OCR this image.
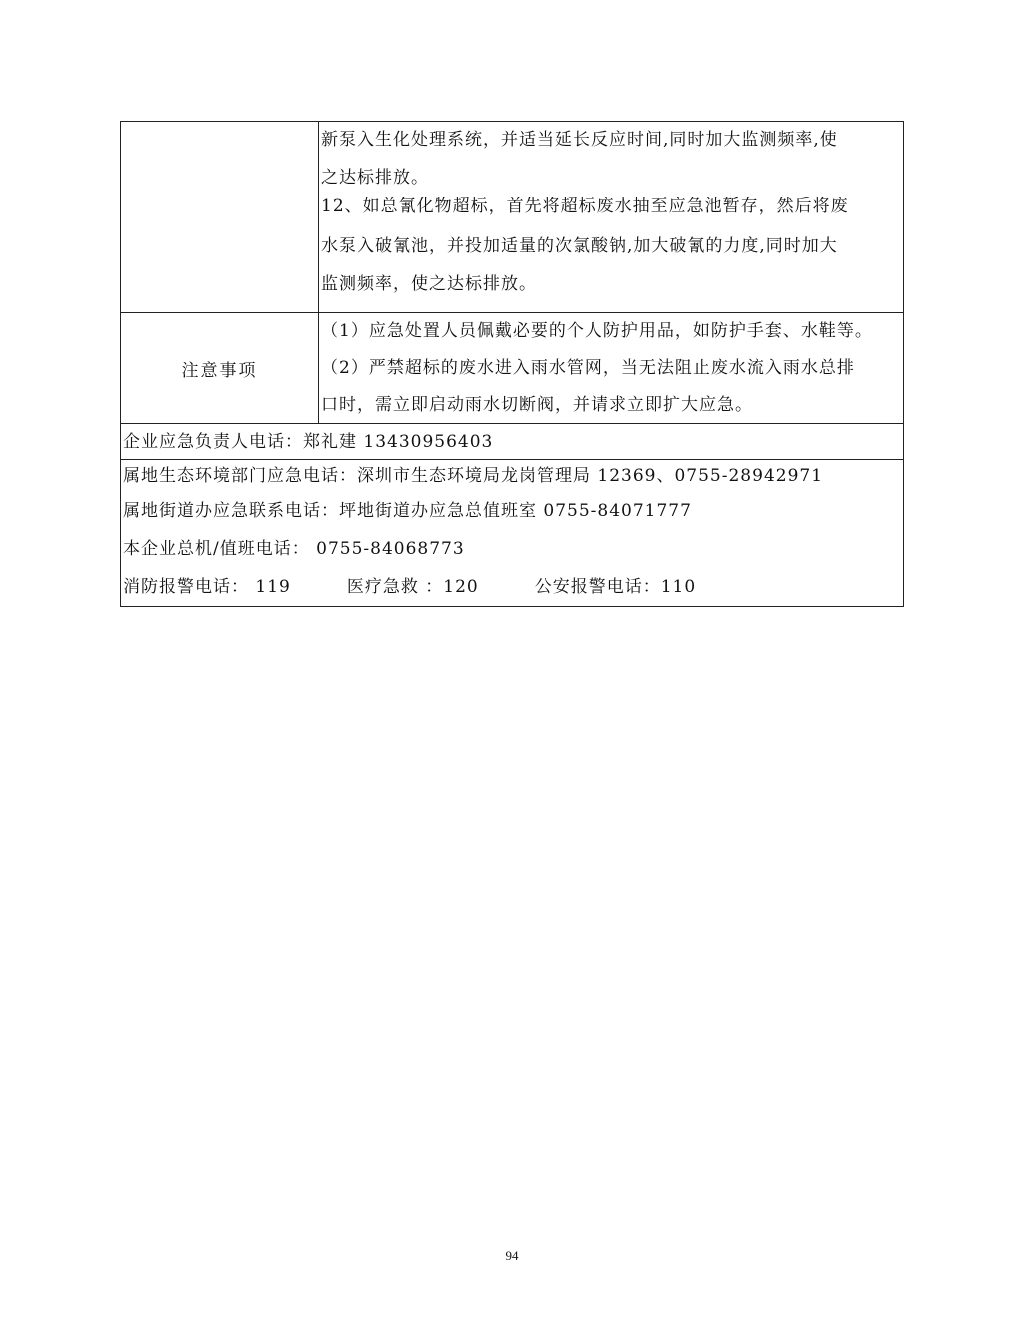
新泵入生化处理系统，并适当延长反应时间,同时加大监测频率,使

之达标排放。

12、如总氰化物超标，首先将超标废水抽至应急池暂存，然后将废

水泵入破氰池，并投加适量的次氯酸钠,加大破氰的力度,同时加大

监测频率，使之达标排放。

注意事项

（1）应急处置人员佩戴必要的个人防护用品，如防护手套、水鞋等。

（2）严禁超标的废水进入雨水管网，当无法阻止废水流入雨水总排

口时，需立即启动雨水切断阀，并请求立即扩大应急。

企业应急负责人电话：郑礼建 13430956403

属地生态环境部门应急电话：深圳市生态环境局龙岗管理局 12369、0755-28942971

属地街道办应急联系电话：坪地街道办应急总值班室 0755-84071777

本企业总机/值班电话： 0755-84068773

消防报警电话： 119	医疗急救 ：120	公安报警电话：110

94
